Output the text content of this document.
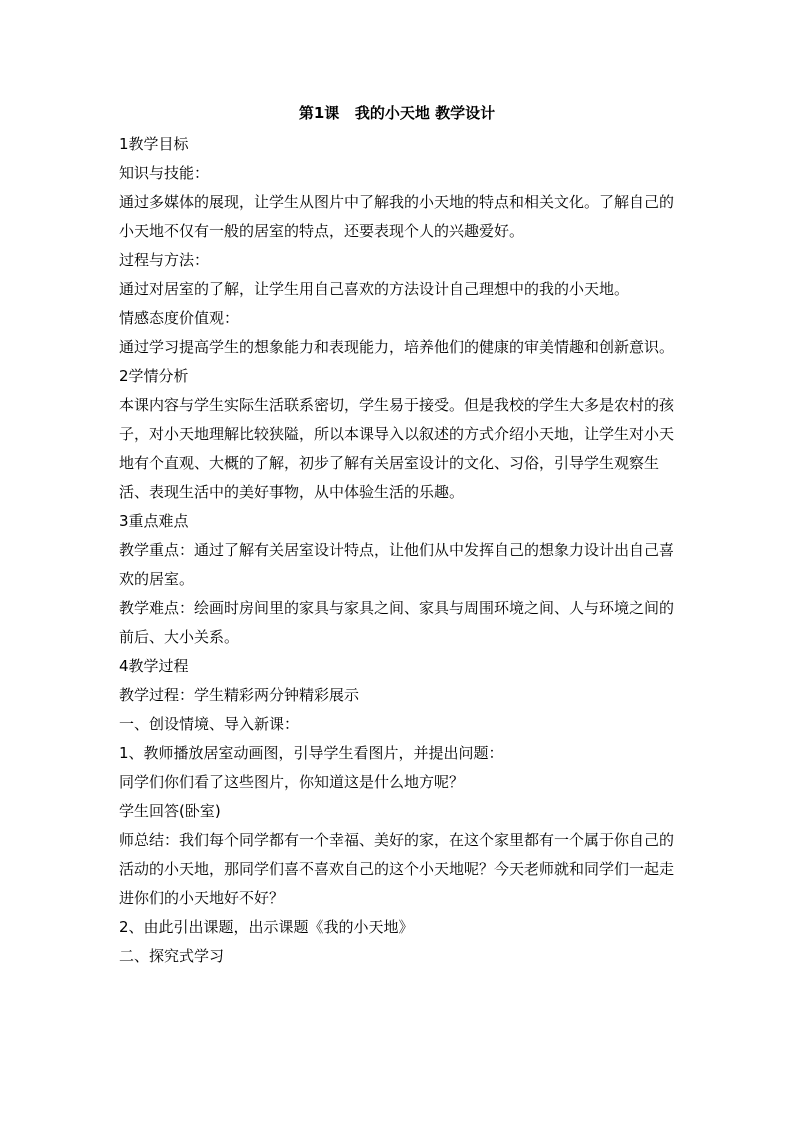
第1课   我的小天地 教学设计

1教学目标

知识与技能：

通过多媒体的展现，让学生从图片中了解我的小天地的特点和相关文化。了解自己的小天地不仅有一般的居室的特点，还要表现个人的兴趣爱好。

过程与方法：

通过对居室的了解，让学生用自己喜欢的方法设计自己理想中的我的小天地。

情感态度价值观：

通过学习提高学生的想象能力和表现能力，培养他们的健康的审美情趣和创新意识。

2学情分析

本课内容与学生实际生活联系密切，学生易于接受。但是我校的学生大多是农村的孩子，对小天地理解比较狭隘，所以本课导入以叙述的方式介绍小天地，让学生对小天地有个直观、大概的了解，初步了解有关居室设计的文化、习俗，引导学生观察生活、表现生活中的美好事物，从中体验生活的乐趣。

3重点难点

教学重点：通过了解有关居室设计特点，让他们从中发挥自己的想象力设计出自己喜欢的居室。

教学难点：绘画时房间里的家具与家具之间、家具与周围环境之间、人与环境之间的前后、大小关系。

4教学过程

教学过程：学生精彩两分钟精彩展示

一、创设情境、导入新课：

1、教师播放居室动画图，引导学生看图片，并提出问题：

同学们你们看了这些图片，你知道这是什么地方呢？

学生回答(卧室)

师总结：我们每个同学都有一个幸福、美好的家，在这个家里都有一个属于你自己的活动的小天地，那同学们喜不喜欢自己的这个小天地呢？今天老师就和同学们一起走进你们的小天地好不好？

2、由此引出课题，出示课题《我的小天地》

二、探究式学习
